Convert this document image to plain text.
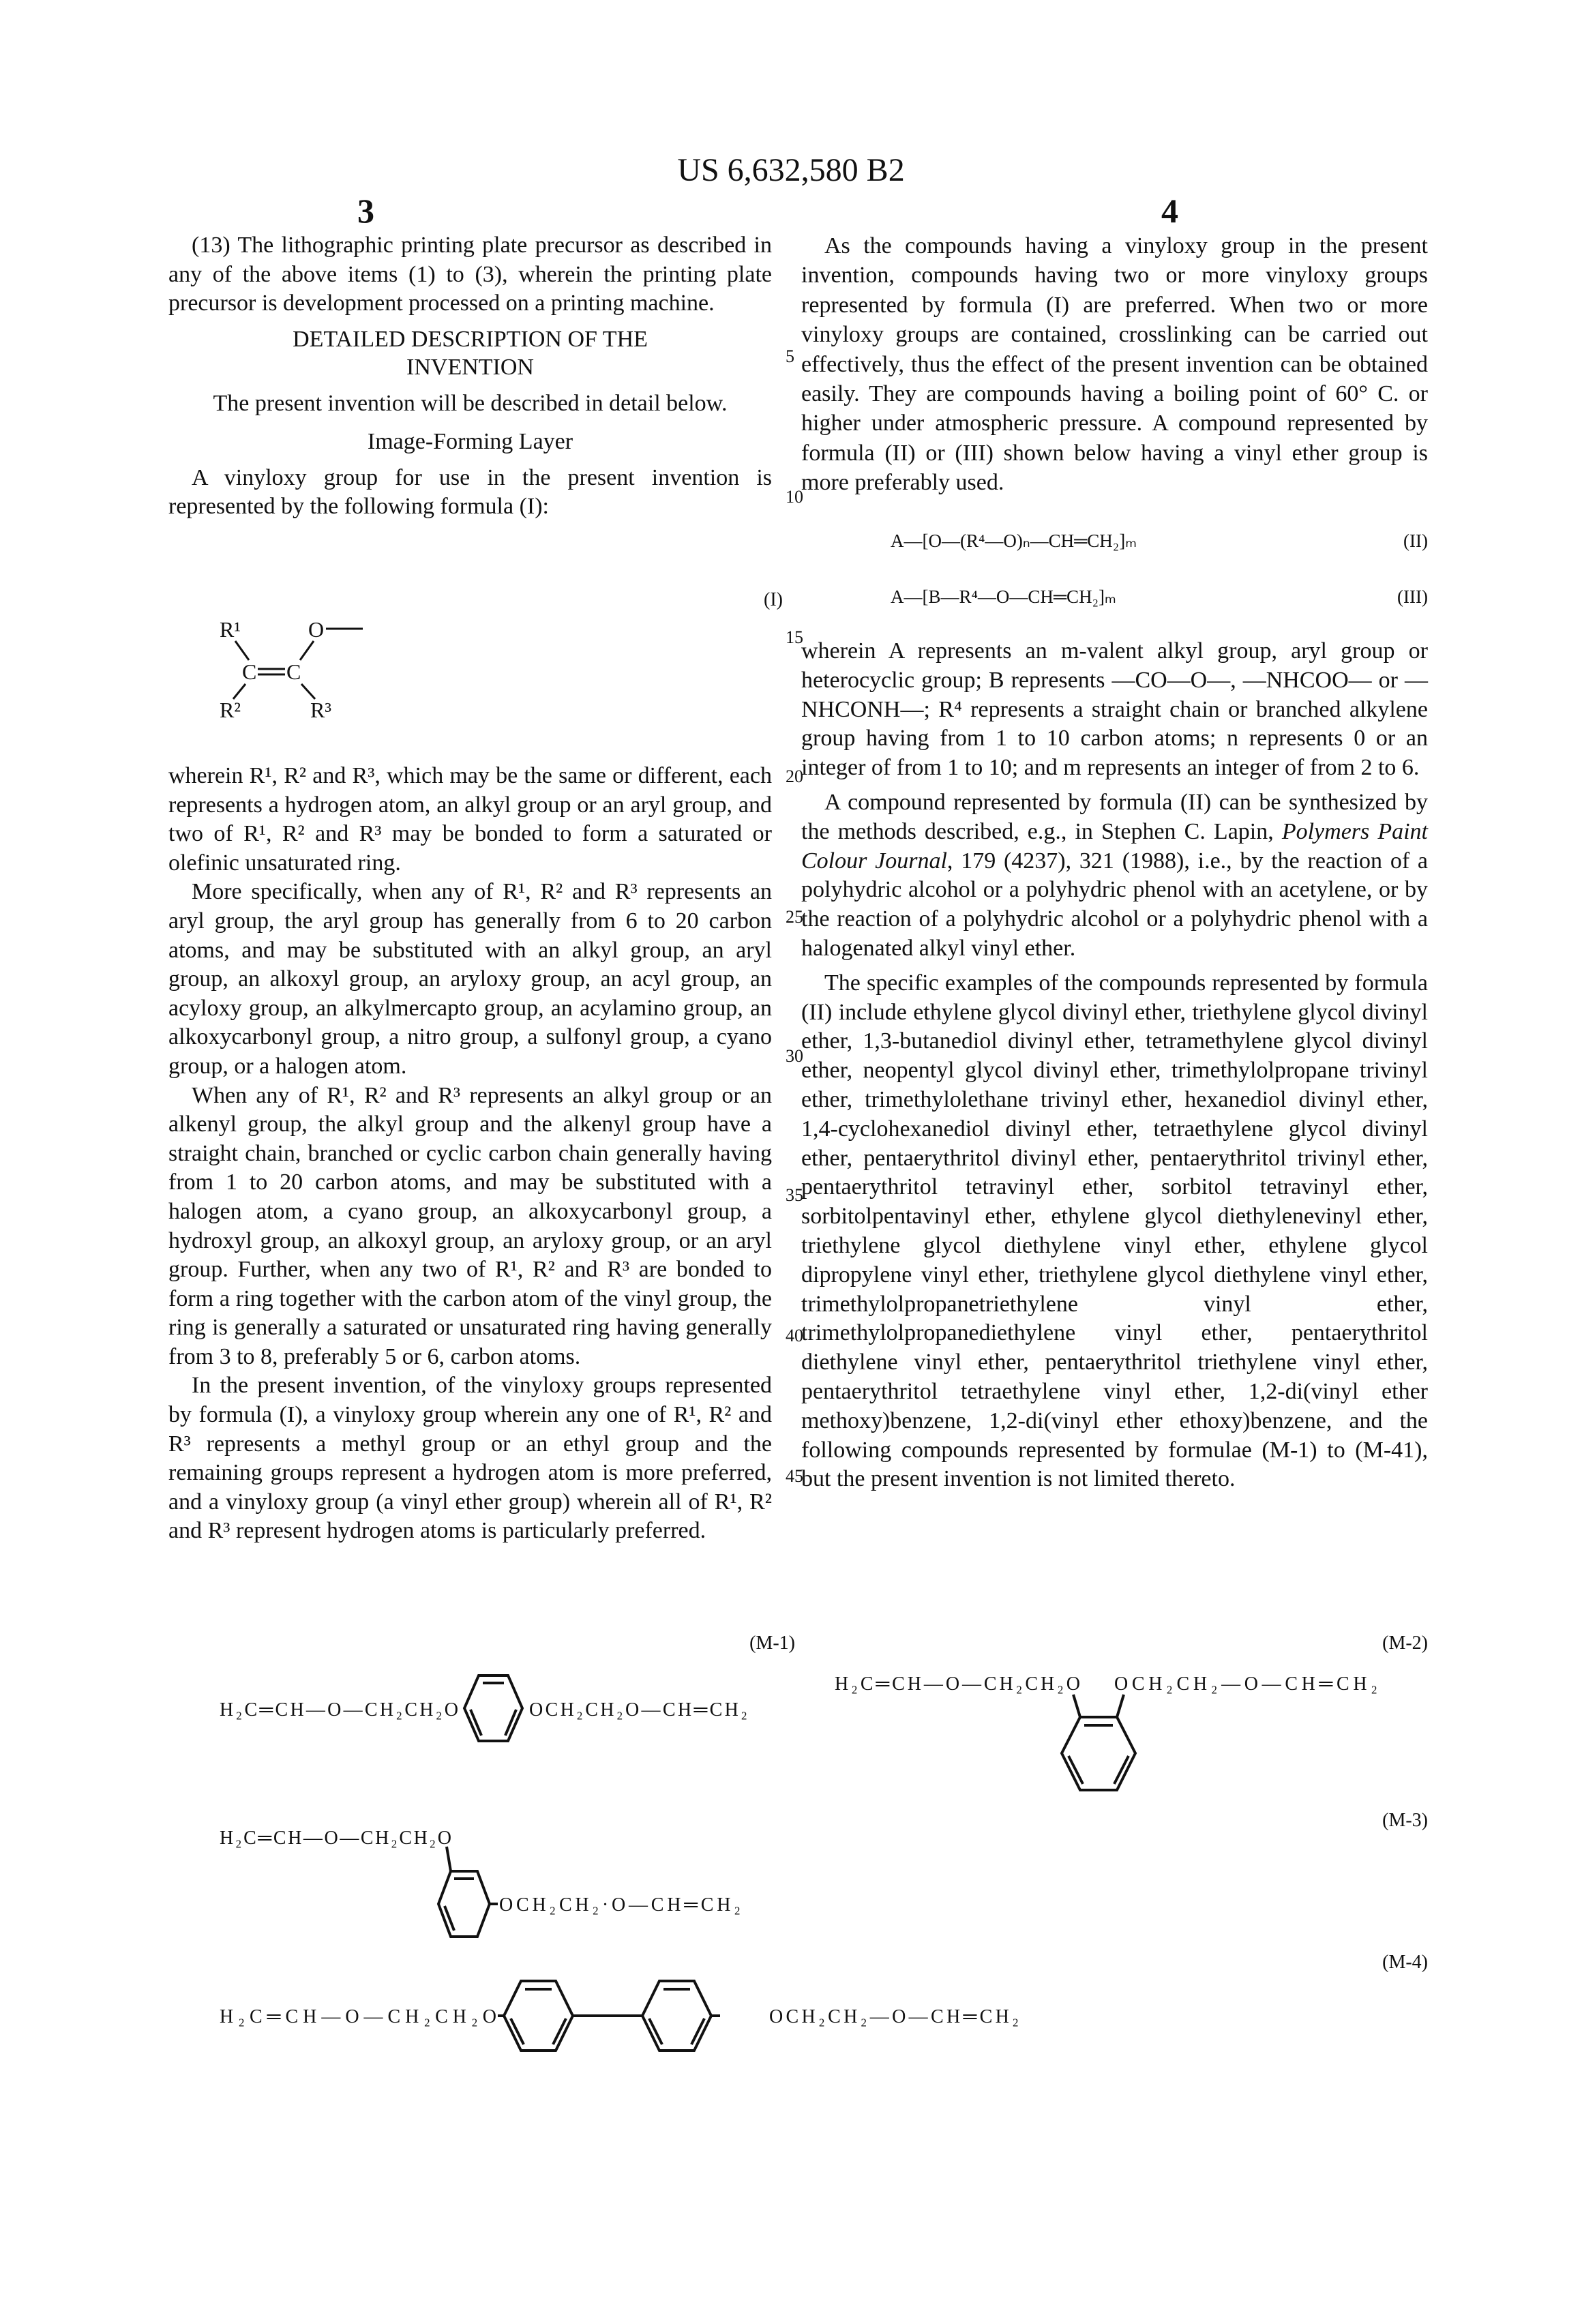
US 6,632,580 B2
3	4
5
10
15
20
25
30
35
40
45

(13) The lithographic printing plate precursor as described in any of the above items (1) to (3), wherein the printing plate precursor is development processed on a printing machine.

DETAILED DESCRIPTION OF THE
INVENTION

The present invention will be described in detail below.

Image-Forming Layer

A vinyloxy group for use in the present invention is represented by the following formula (I):

(I)
R¹	O
C C
R²	R³
A—[O—(R⁴—O)ₙ—CH═CH₂]ₘ	(II)
A—[B—R⁴—O—CH═CH₂]ₘ	(III)
(M-1)
H₂C═CH—O—CH₂CH₂O	OCH₂CH₂O—CH═CH₂
(M-2)
H₂C═CH—O—CH₂CH₂O OCH₂CH₂—O—CH═CH₂
(M-3)
H₂C═CH—O—CH₂CH₂O
OCH₂CH₂·O—CH═CH₂
(M-4)
H₂C═CH—O—CH₂CH₂O	OCH₂CH₂—O—CH═CH₂

wherein R¹, R² and R³, which may be the same or different, each represents a hydrogen atom, an alkyl group or an aryl group, and two of R¹, R² and R³ may be bonded to form a saturated or olefinic unsaturated ring.

More specifically, when any of R¹, R² and R³ represents an aryl group, the aryl group has generally from 6 to 20 carbon atoms, and may be substituted with an alkyl group, an aryl group, an alkoxyl group, an aryloxy group, an acyl group, an acyloxy group, an alkylmercapto group, an acylamino group, an alkoxycarbonyl group, a nitro group, a sulfonyl group, a cyano group, or a halogen atom.

When any of R¹, R² and R³ represents an alkyl group or an alkenyl group, the alkyl group and the alkenyl group have a straight chain, branched or cyclic carbon chain generally having from 1 to 20 carbon atoms, and may be substituted with a halogen atom, a cyano group, an alkoxycarbonyl group, a hydroxyl group, an alkoxyl group, an aryloxy group, or an aryl group. Further, when any two of R¹, R² and R³ are bonded to form a ring together with the carbon atom of the vinyl group, the ring is generally a saturated or unsaturated ring having generally from 3 to 8, preferably 5 or 6, carbon atoms.

In the present invention, of the vinyloxy groups represented by formula (I), a vinyloxy group wherein any one of R¹, R² and R³ represents a methyl group or an ethyl group and the remaining groups represent a hydrogen atom is more preferred, and a vinyloxy group (a vinyl ether group) wherein all of R¹, R² and R³ represent hydrogen atoms is particularly preferred.

As the compounds having a vinyloxy group in the present invention, compounds having two or more vinyloxy groups represented by formula (I) are preferred. When two or more vinyloxy groups are contained, crosslinking can be carried out effectively, thus the effect of the present invention can be obtained easily. They are compounds having a boiling point of 60° C. or higher under atmospheric pressure. A compound represented by formula (II) or (III) shown below having a vinyl ether group is more preferably used.

wherein A represents an m-valent alkyl group, aryl group or heterocyclic group; B represents —CO—O—, —NHCOO— or —NHCONH—; R⁴ represents a straight chain or branched alkylene group having from 1 to 10 carbon atoms; n represents 0 or an integer of from 1 to 10; and m represents an integer of from 2 to 6.

A compound represented by formula (II) can be synthesized by the methods described, e.g., in Stephen C. Lapin, Polymers Paint Colour Journal, 179 (4237), 321 (1988), i.e., by the reaction of a polyhydric alcohol or a polyhydric phenol with an acetylene, or by the reaction of a polyhydric alcohol or a polyhydric phenol with a halogenated alkyl vinyl ether.

The specific examples of the compounds represented by formula (II) include ethylene glycol divinyl ether, triethylene glycol divinyl ether, 1,3-butanediol divinyl ether, tetramethylene glycol divinyl ether, neopentyl glycol divinyl ether, trimethylolpropane trivinyl ether, trimethylolethane trivinyl ether, hexanediol divinyl ether, 1,4-cyclohexanediol divinyl ether, tetraethylene glycol divinyl ether, pentaerythritol divinyl ether, pentaerythritol trivinyl ether, pentaerythritol tetravinyl ether, sorbitol tetravinyl ether, sorbitolpentavinyl ether, ethylene glycol diethylenevinyl ether, triethylene glycol diethylene vinyl ether, ethylene glycol dipropylene vinyl ether, triethylene glycol diethylene vinyl ether, trimethylolpropanetriethylene vinyl ether, trimethylolpropanediethylene vinyl ether, pentaerythritol diethylene vinyl ether, pentaerythritol triethylene vinyl ether, pentaerythritol tetraethylene vinyl ether, 1,2-di(vinyl ether methoxy)benzene, 1,2-di(vinyl ether ethoxy)benzene, and the following compounds represented by formulae (M-1) to (M-41), but the present invention is not limited thereto.
